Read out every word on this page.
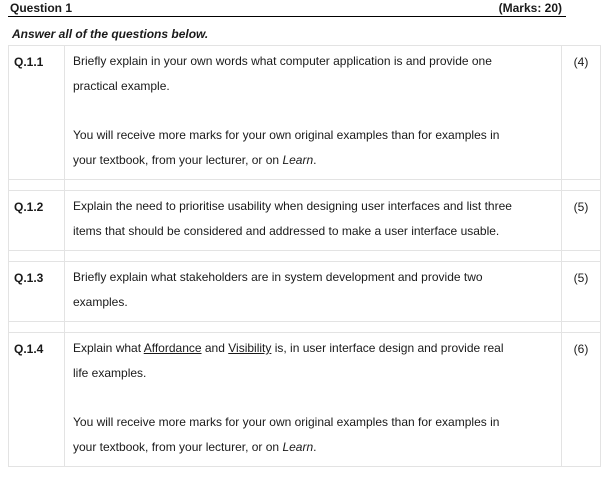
Question 1	(Marks: 20)
Answer all of the questions below.
Q.1.1	Briefly explain in your own words what computer application is and provide one
practical example.

You will receive more marks for your own original examples than for examples in
your textbook, from your lecturer, or on Learn.	(4)

Q.1.2	Explain the need to prioritise usability when designing user interfaces and list three
items that should be considered and addressed to make a user interface usable.	(5)

Q.1.3	Briefly explain what stakeholders are in system development and provide two
examples.	(5)

Q.1.4	Explain what Affordance and Visibility is, in user interface design and provide real
life examples.

You will receive more marks for your own original examples than for examples in
your textbook, from your lecturer, or on Learn.	(6)
